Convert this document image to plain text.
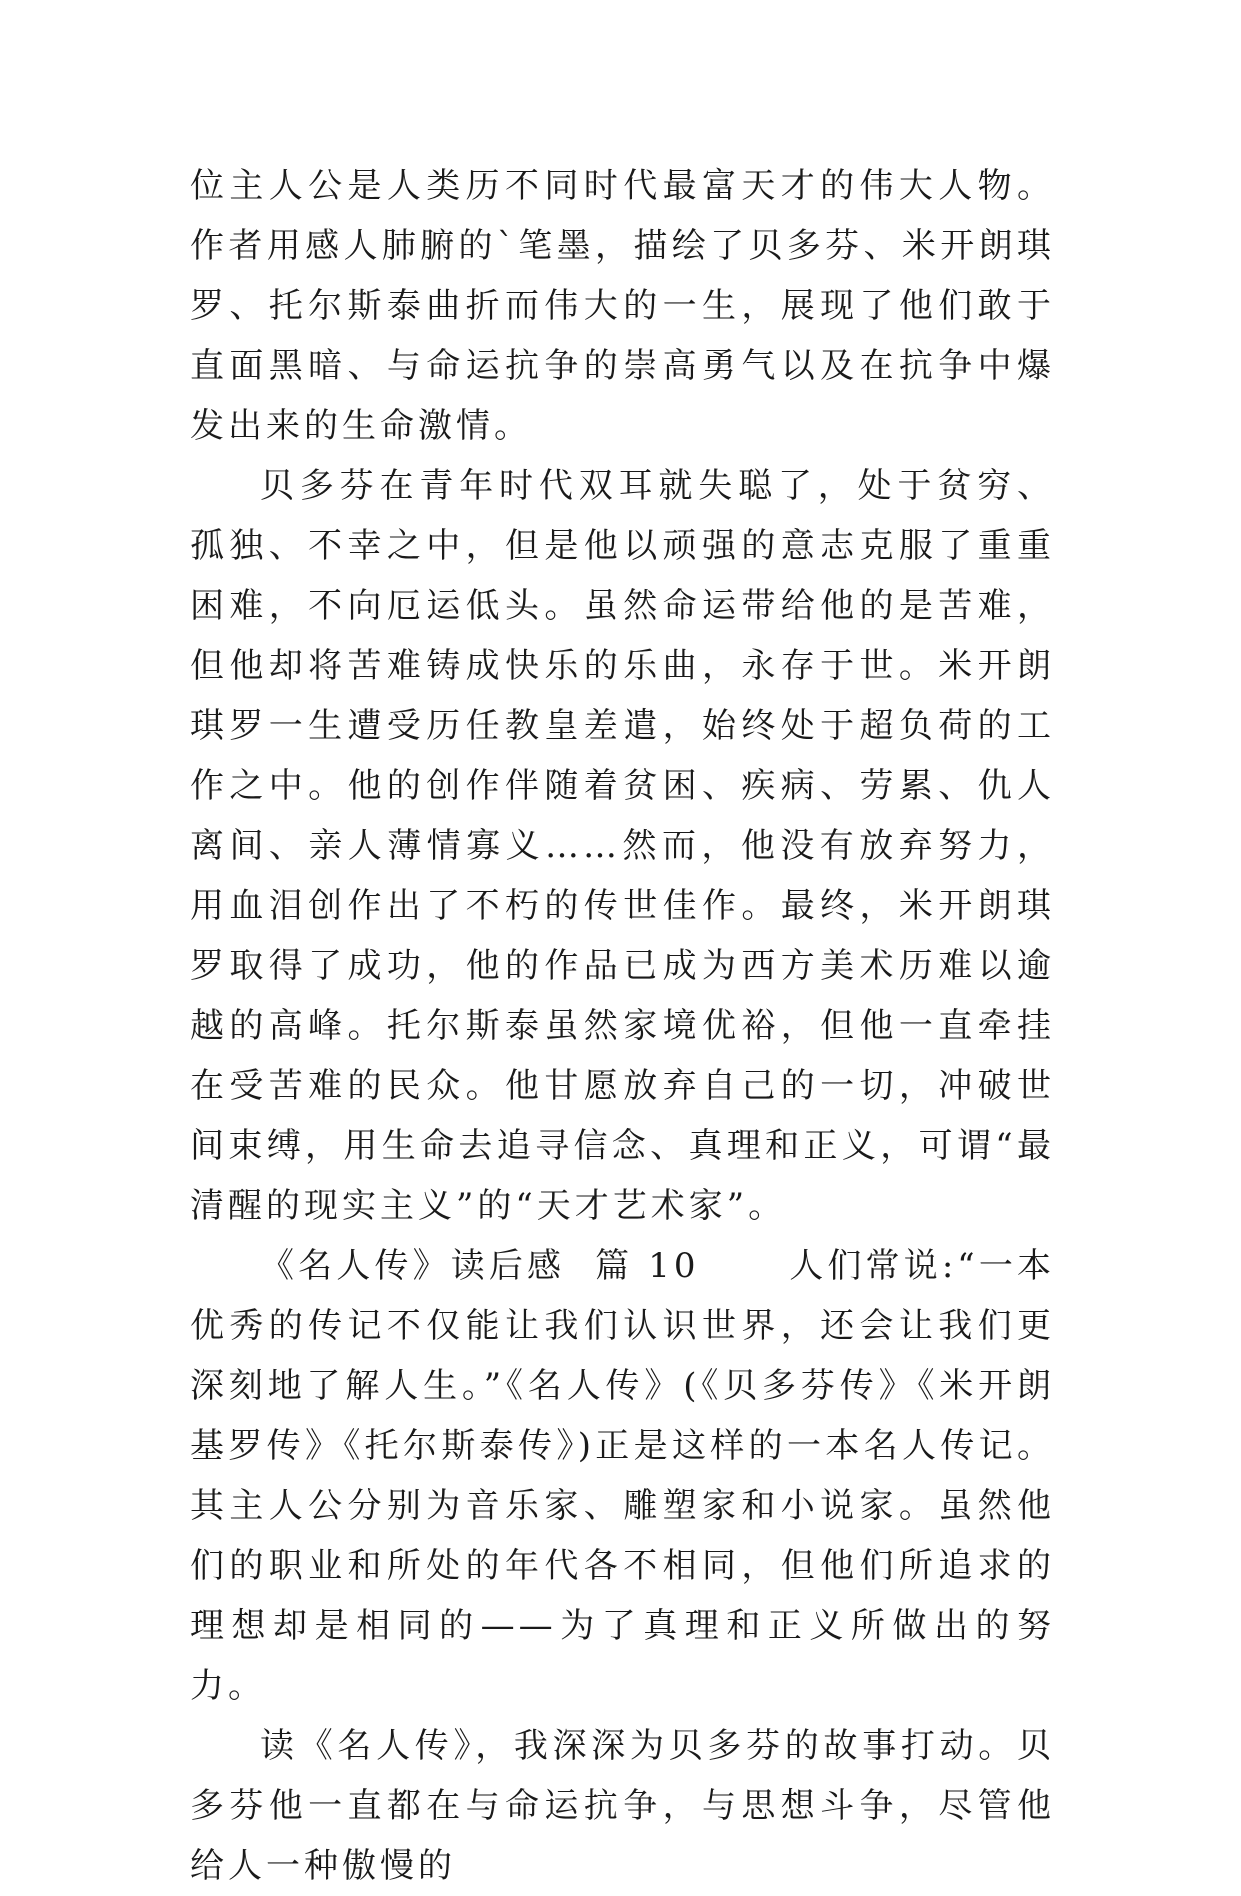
位主人公是人类历不同时代最富天才的伟大人物。作者用感人肺腑的`笔墨，描绘了贝多芬、米开朗琪罗、托尔斯泰曲折而伟大的一生，展现了他们敢于直面黑暗、与命运抗争的崇高勇气以及在抗争中爆发出来的生命激情。

贝多芬在青年时代双耳就失聪了，处于贫穷、孤独、不幸之中，但是他以顽强的意志克服了重重困难，不向厄运低头。虽然命运带给他的是苦难，但他却将苦难铸成快乐的乐曲，永存于世。米开朗琪罗一生遭受历任教皇差遣，始终处于超负荷的工作之中。他的创作伴随着贫困、疾病、劳累、仇人离间、亲人薄情寡义……然而，他没有放弃努力，用血泪创作出了不朽的传世佳作。最终，米开朗琪罗取得了成功，他的作品已成为西方美术历难以逾越的高峰。托尔斯泰虽然家境优裕，但他一直牵挂在受苦难的民众。他甘愿放弃自己的一切，冲破世间束缚，用生命去追寻信念、真理和正义，可谓“最清醒的现实主义”的“天才艺术家”。

《名人传》读后感  篇 10      人们常说:“一本优秀的传记不仅能让我们认识世界，还会让我们更深刻地了解人生。”《名人传》(《贝多芬传》《米开朗基罗传》《托尔斯泰传》)正是这样的一本名人传记。其主人公分别为音乐家、雕塑家和小说家。虽然他们的职业和所处的年代各不相同，但他们所追求的理想却是相同的——为了真理和正义所做出的努力。

读《名人传》，我深深为贝多芬的故事打动。贝多芬他一直都在与命运抗争，与思想斗争，尽管他给人一种傲慢的
